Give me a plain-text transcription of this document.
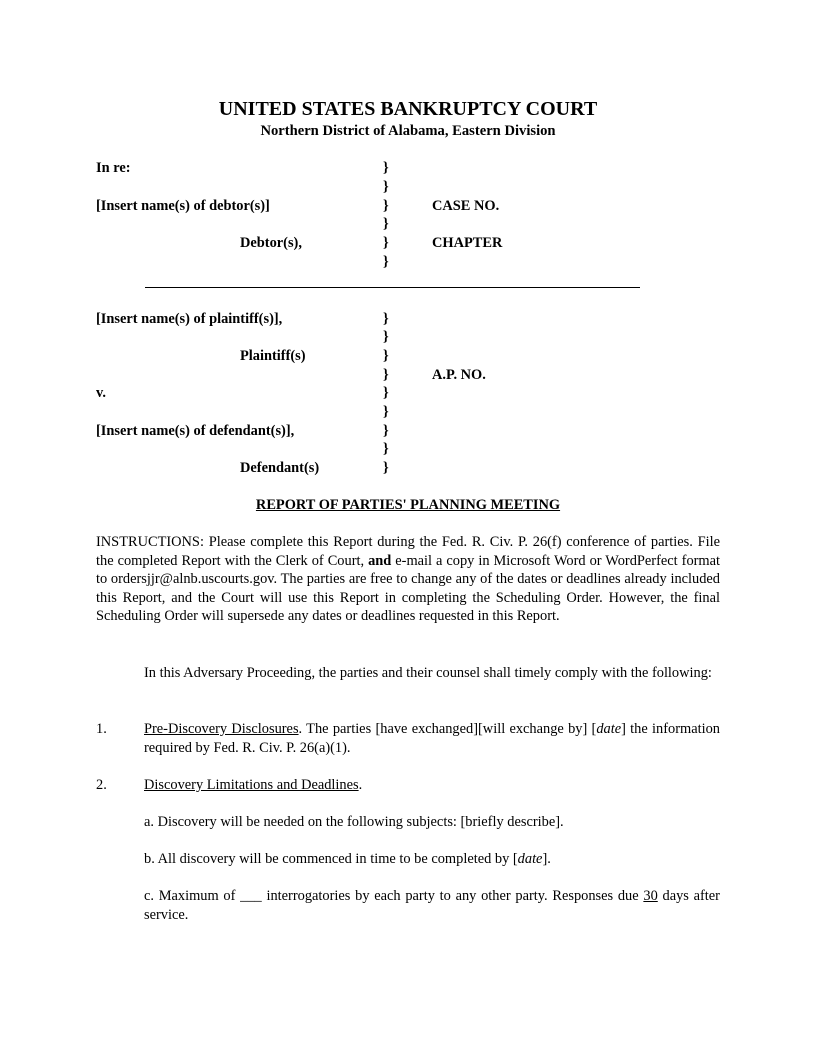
UNITED STATES BANKRUPTCY COURT
Northern District of Alabama, Eastern Division
In re:
[Insert name(s) of debtor(s)]
Debtor(s),
CASE NO.
CHAPTER
}
}
}
}
}
}
[Insert name(s) of plaintiff(s)],
Plaintiff(s)
A.P. NO.
v.
[Insert name(s) of defendant(s)],
Defendant(s)
}
}
}
}
}
}
}
}
}
REPORT OF PARTIES' PLANNING MEETING
INSTRUCTIONS: Please complete this Report during the Fed. R. Civ. P. 26(f) conference of parties. File the completed Report with the Clerk of Court, and e-mail a copy in Microsoft Word or WordPerfect format to ordersjjr@alnb.uscourts.gov. The parties are free to change any of the dates or deadlines already included this Report, and the Court will use this Report in completing the Scheduling Order. However, the final Scheduling Order will supersede any dates or deadlines requested in this Report.
In this Adversary Proceeding, the parties and their counsel shall timely comply with the following:
1.	Pre-Discovery Disclosures. The parties [have exchanged][will exchange by] [date] the information required by Fed. R. Civ. P. 26(a)(1).
2.	Discovery Limitations and Deadlines.
a. Discovery will be needed on the following subjects: [briefly describe].
b. All discovery will be commenced in time to be completed by [date].
c. Maximum of ___ interrogatories by each party to any other party. Responses due 30 days after service.
